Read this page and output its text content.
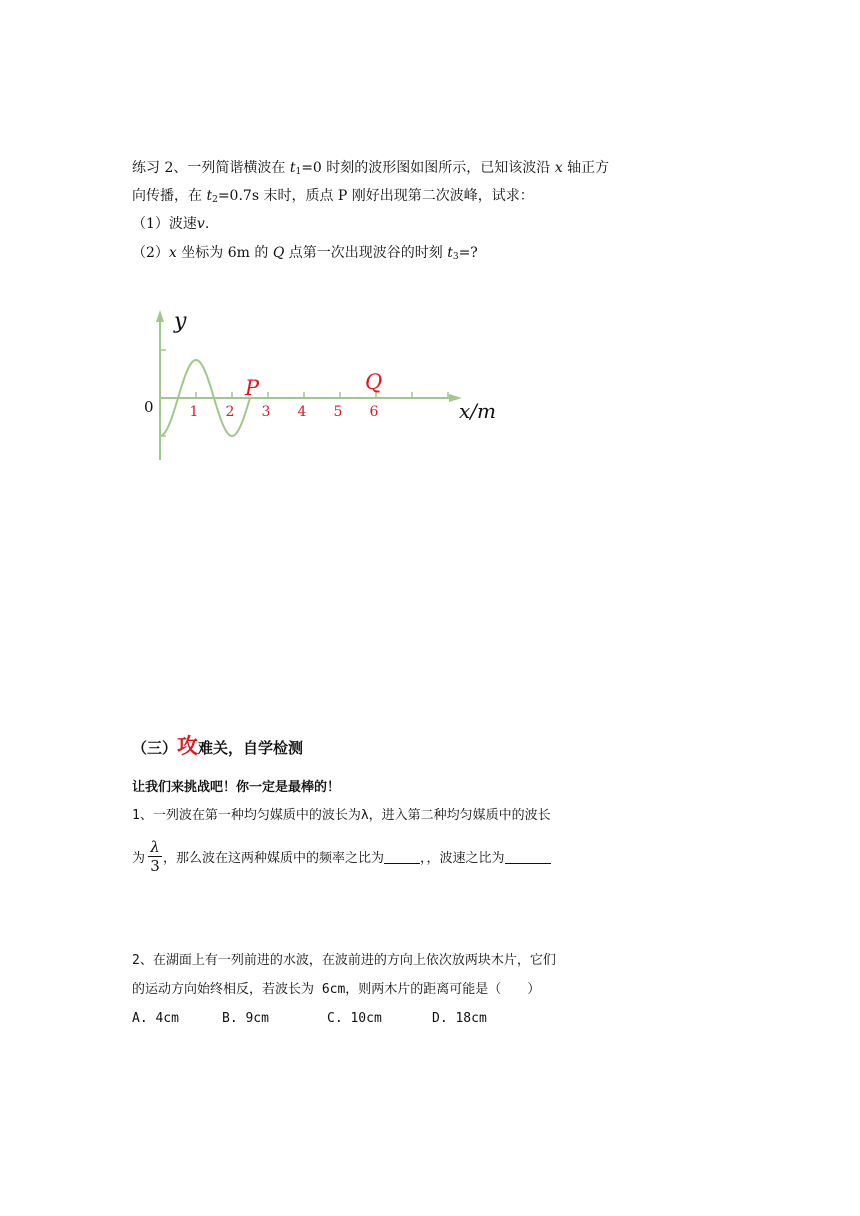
练习 2、一列简谐横波在 $t_1=0$ 时刻的波形图如图所示，已知该波沿 x 轴正方
向传播，在 $t_2=0.7s$ 末时，质点 P 刚好出现第二次波峰，试求：
（1）波速v.
（2）x 坐标为 6m 的 Q 点第一次出现波谷的时刻 $t_3=$?
y
0
P	Q
x/m
1 2 3 4 5 6
（三）攻难关，自学检测
让我们来挑战吧！你一定是最棒的！
1、一列波在第一种均匀媒质中的波长为λ，进入第二种均匀媒质中的波长
为 ，那么波在这两种媒质中的频率之比为	，，波速之比为
$\frac{\lambda}{3}$
2、在湖面上有一列前进的水波，在波前进的方向上依次放两块木片，它们
的运动方向始终相反，若波长为 6cm，则两木片的距离可能是（　　）
A. 4cm	B. 9cm	C. 10cm	D. 18cm
